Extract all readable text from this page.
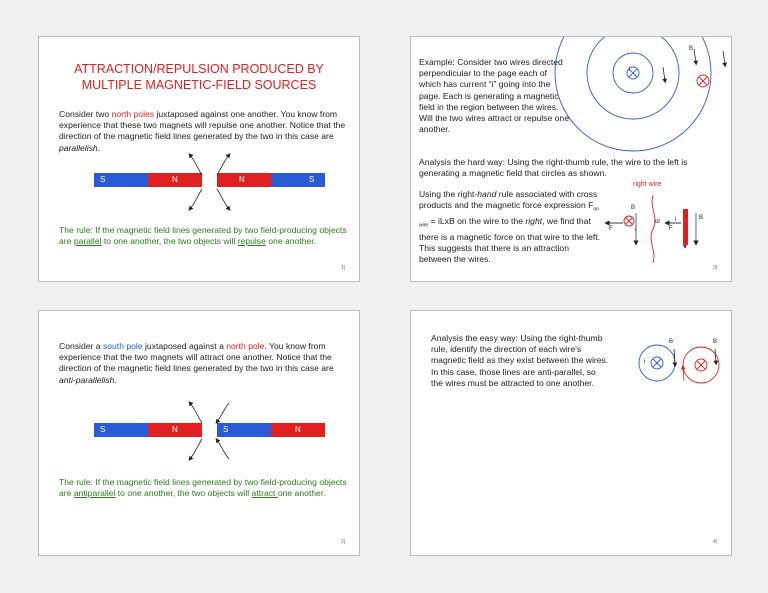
ATTRACTION/REPULSION PRODUCED BY
MULTIPLE MAGNETIC-FIELD SOURCES
Consider two north poles juxtaposed against one another. You know from experience that these two magnets will repulse one another. Notice that the direction of the magnetic field lines generated by the two in this case are parallelish.
S	N	N	S
The rule: If the magnetic field lines generated by two field-producing objects are parallel to one another, the two objects will repulse one another.
1)
Example: Consider two wires directed perpendicular to the page each of which has current “i” going into the page. Each is generating a magnetic field in the region between the wires. Will the two wires attract or repulse one another.
B
i
Analysis the hard way: Using the right-thumb rule, the wire to the left is generating a magnetic field that circles as shown.
Using the right-hand rule associated with cross products and the magnetic force expression $F_{on wire}$ = iLxB on the wire to the right, we find that there is a magnetic force on that wire to the left. This suggests that there is an attraction between the wires.
right wire
B
F	i
or
B
i
F
3)
Consider a south pole juxtaposed against a north pole. You know from experience that the two magnets will attract one another. Notice that the direction of the magnetic field lines generated by the two in this case are anti-parallelish.
S	N	S	N
The rule: If the magnetic field lines generated by two field-producing objects are antiparallel to one another, the two objects will attract one another.
2)
Analysis the easy way: Using the right-thumb rule, identify the direction of each wire's magnetic field as they exist between the wires. In this case, those lines are anti-parallel, so the wires must be attracted to one another.
B	B
i
4)
